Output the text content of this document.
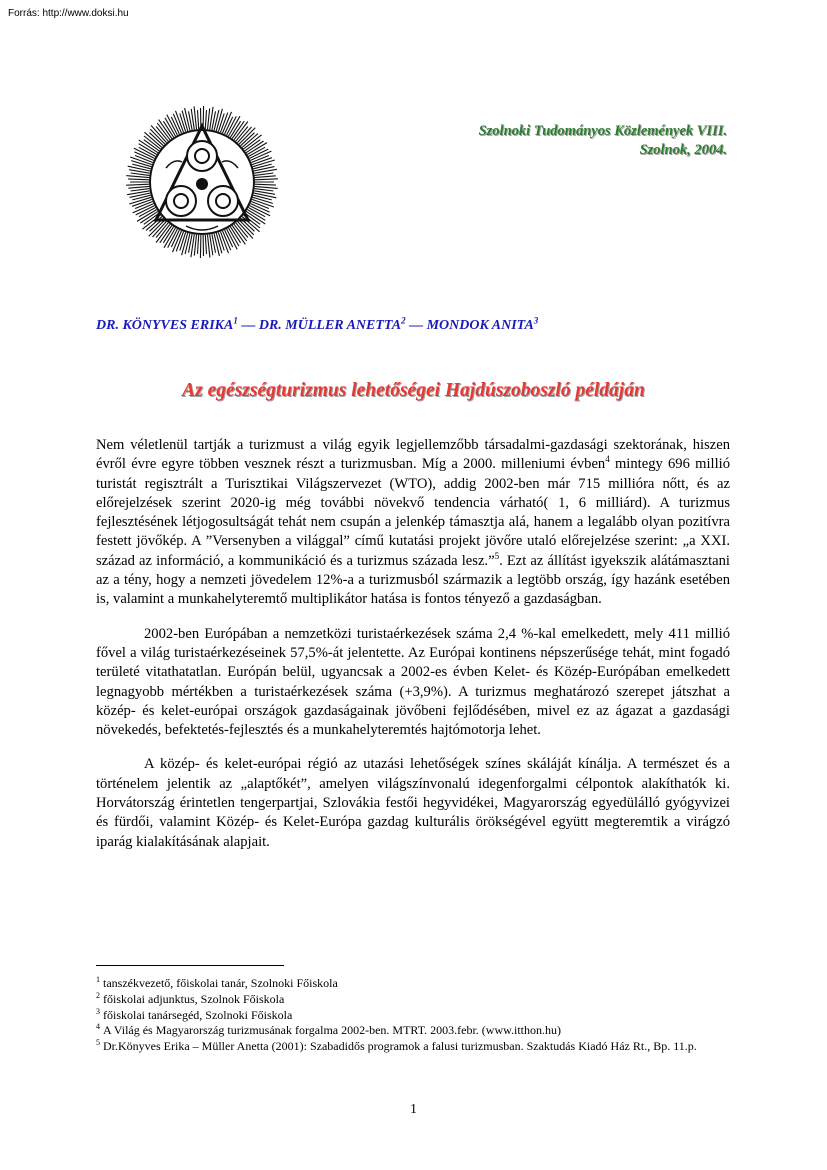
Forrás: http://www.doksi.hu
Szolnoki Tudományos Közlemények VIII.
Szolnok, 2004.
DR. KÖNYVES ERIKA$^1$ — DR. MÜLLER ANETTA$^2$ — MONDOK ANITA$^3$
Az egészségturizmus lehetőségei Hajdúszoboszló példáján

Nem véletlenül tartják a turizmust a világ egyik legjellemzőbb társadalmi-gazdasági szektorának, hiszen évről évre egyre többen vesznek részt a turizmusban. Míg a 2000. milleniumi évben$^4$ mintegy 696 millió turistát regisztrált a Turisztikai Világszervezet (WTO), addig 2002-ben már 715 millióra nőtt, és az előrejelzések szerint 2020-ig még további növekvő tendencia várható( 1, 6 milliárd). A turizmus fejlesztésének létjogosultságát tehát nem csupán a jelenkép támasztja alá, hanem a legalább olyan pozitívra festett jövőkép. A ”Versenyben a világgal” című kutatási projekt jövőre utaló előrejelzése szerint: „a XXI. század az információ, a kommunikáció és a turizmus százada lesz.”$^5$. Ezt az állítást igyekszik alátámasztani az a tény, hogy a nemzeti jövedelem 12%-a a turizmusból származik a legtöbb ország, így hazánk esetében is, valamint a munkahelyteremtő multiplikátor hatása is fontos tényező a gazdaságban.

2002-ben Európában a nemzetközi turistaérkezések száma 2,4 %-kal emelkedett, mely 411 millió fővel a világ turistaérkezéseinek 57,5%-át jelentette. Az Európai kontinens népszerűsége tehát, mint fogadó területé vitathatatlan. Európán belül, ugyancsak a 2002-es évben Kelet- és Közép-Európában emelkedett legnagyobb mértékben a turistaérkezések száma (+3,9%). A turizmus meghatározó szerepet játszhat a közép- és kelet-európai országok gazdaságainak jövőbeni fejlődésében, mivel ez az ágazat a gazdasági növekedés, befektetés-fejlesztés és a munkahelyteremtés hajtómotorja lehet.

A közép- és kelet-európai régió az utazási lehetőségek színes skáláját kínálja. A természet és a történelem jelentik az „alaptőkét”, amelyen világszínvonalú idegenforgalmi célpontok alakíthatók ki. Horvátország érintetlen tengerpartjai, Szlovákia festői hegyvidékei, Magyarország egyedülálló gyógyvizei és fürdői, valamint Közép- és Kelet-Európa gazdag kulturális örökségével együtt megteremtik a virágzó iparág kialakításának alapjait.

$^1$ tanszékvezető, főiskolai tanár, Szolnoki Főiskola
$^2$ főiskolai adjunktus, Szolnok Főiskola
$^3$ főiskolai tanársegéd, Szolnoki Főiskola
$^4$ A Világ és Magyarország turizmusának forgalma 2002-ben. MTRT. 2003.febr. (www.itthon.hu)
$^5$ Dr.Könyves Erika – Müller Anetta (2001): Szabadidős programok a falusi turizmusban. Szaktudás Kiadó Ház Rt., Bp. 11.p.
1
